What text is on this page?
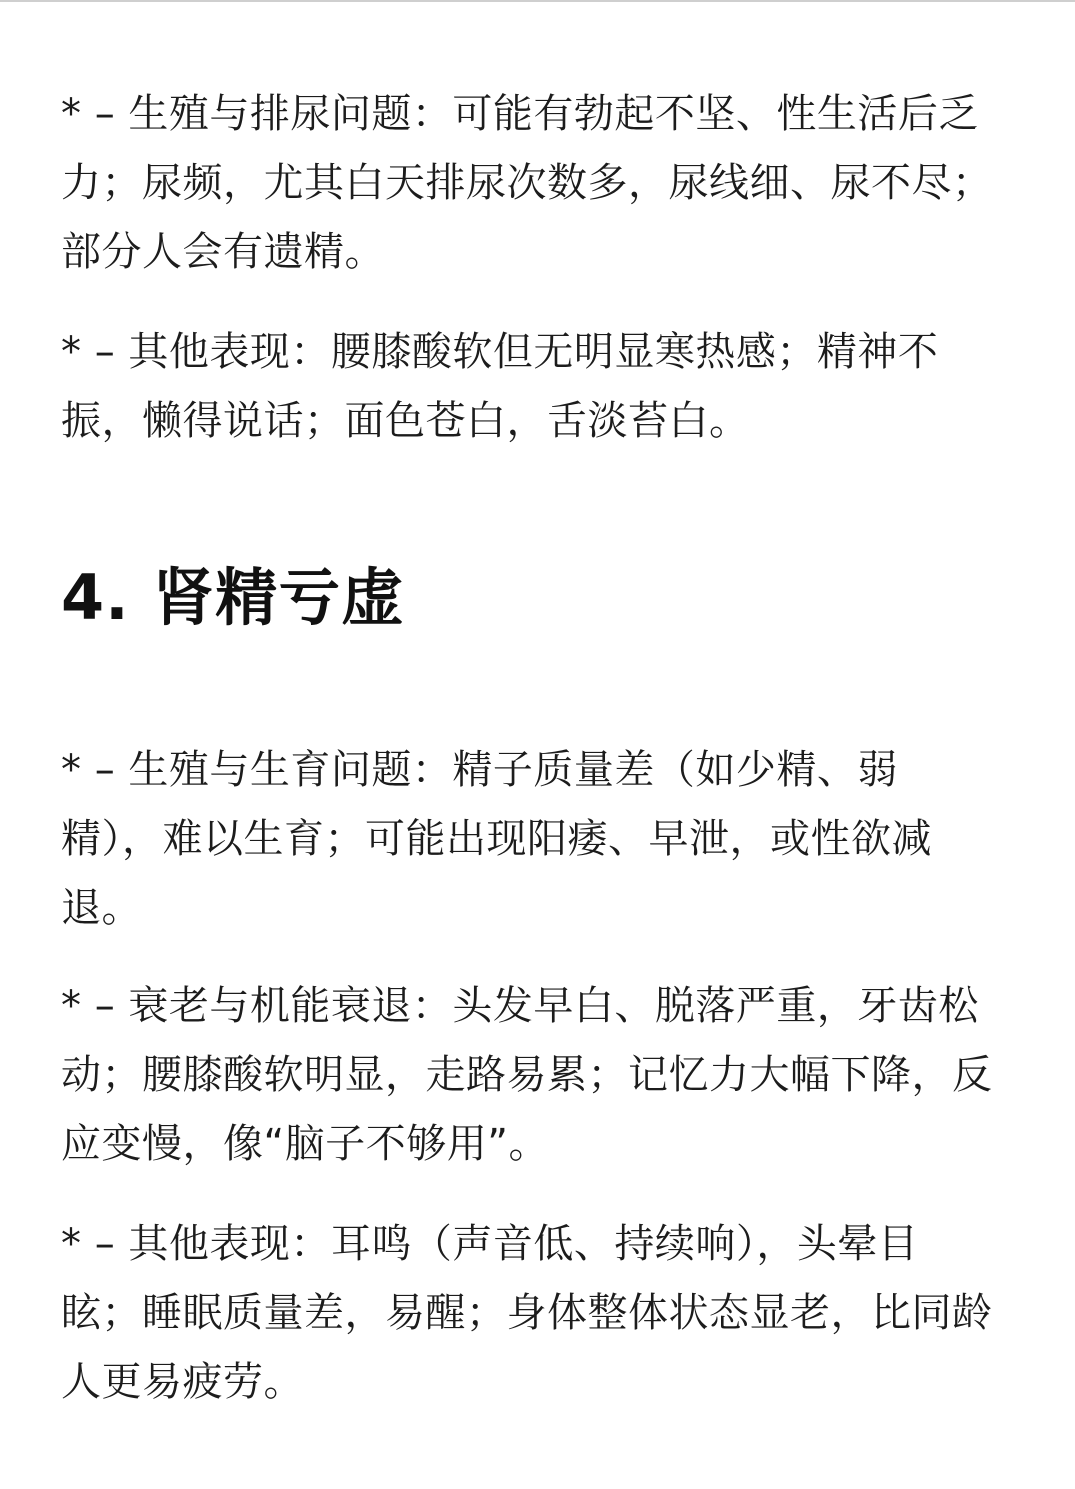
* – 生殖与排尿问题：可能有勃起不坚、性生活后乏
力；尿频，尤其白天排尿次数多，尿线细、尿不尽；
部分人会有遗精。

* – 其他表现：腰膝酸软但无明显寒热感；精神不
振，懒得说话；面色苍白，舌淡苔白。

4. 肾精亏虚

* – 生殖与生育问题：精子质量差（如少精、弱
精），难以生育；可能出现阳痿、早泄，或性欲减
退。

* – 衰老与机能衰退：头发早白、脱落严重，牙齿松
动；腰膝酸软明显，走路易累；记忆力大幅下降，反
应变慢，像“脑子不够用”。

* – 其他表现：耳鸣（声音低、持续响），头晕目
眩；睡眠质量差，易醒；身体整体状态显老，比同龄
人更易疲劳。
